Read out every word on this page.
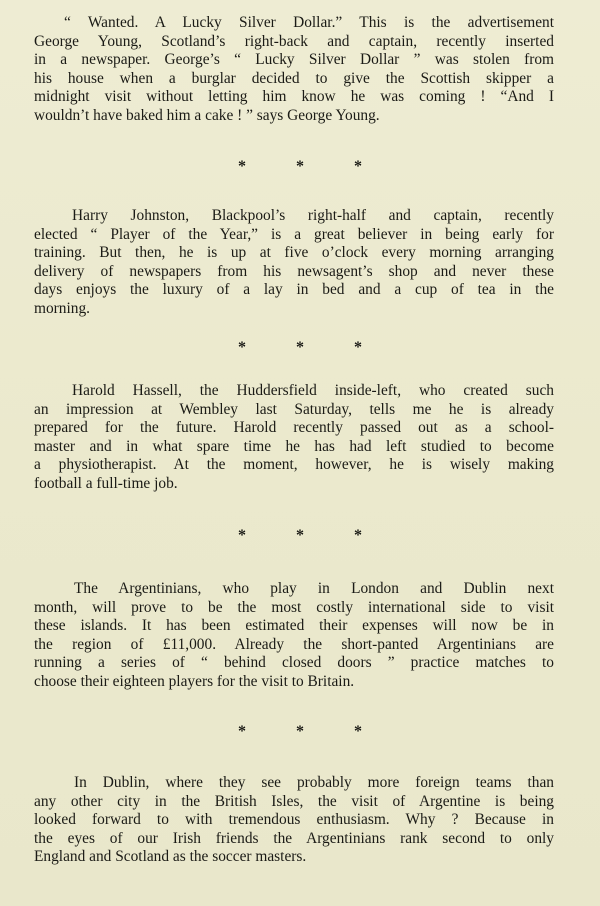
“ Wanted. A Lucky Silver Dollar.” This is the advertisement
George Young, Scotland’s right-back and captain, recently inserted
in a newspaper. George’s “ Lucky Silver Dollar ” was stolen from
his house when a burglar decided to give the Scottish skipper a
midnight visit without letting him know he was coming ! “And I
wouldn’t have baked him a cake ! ” says George Young.
*	*	*
Harry Johnston, Blackpool’s right-half and captain, recently
elected “ Player of the Year,” is a great believer in being early for
training. But then, he is up at five o’clock every morning arranging
delivery of newspapers from his newsagent’s shop and never these
days enjoys the luxury of a lay in bed and a cup of tea in the
morning.
*	*	*
Harold Hassell, the Huddersfield inside-left, who created such
an impression at Wembley last Saturday, tells me he is already
prepared for the future. Harold recently passed out as a school-
master and in what spare time he has had left studied to become
a physiotherapist. At the moment, however, he is wisely making
football a full-time job.
*	*	*
The Argentinians, who play in London and Dublin next
month, will prove to be the most costly international side to visit
these islands. It has been estimated their expenses will now be in
the region of £11,000. Already the short-panted Argentinians are
running a series of “ behind closed doors ” practice matches to
choose their eighteen players for the visit to Britain.
*	*	*
In Dublin, where they see probably more foreign teams than
any other city in the British Isles, the visit of Argentine is being
looked forward to with tremendous enthusiasm. Why ? Because in
the eyes of our Irish friends the Argentinians rank second to only
England and Scotland as the soccer masters.
